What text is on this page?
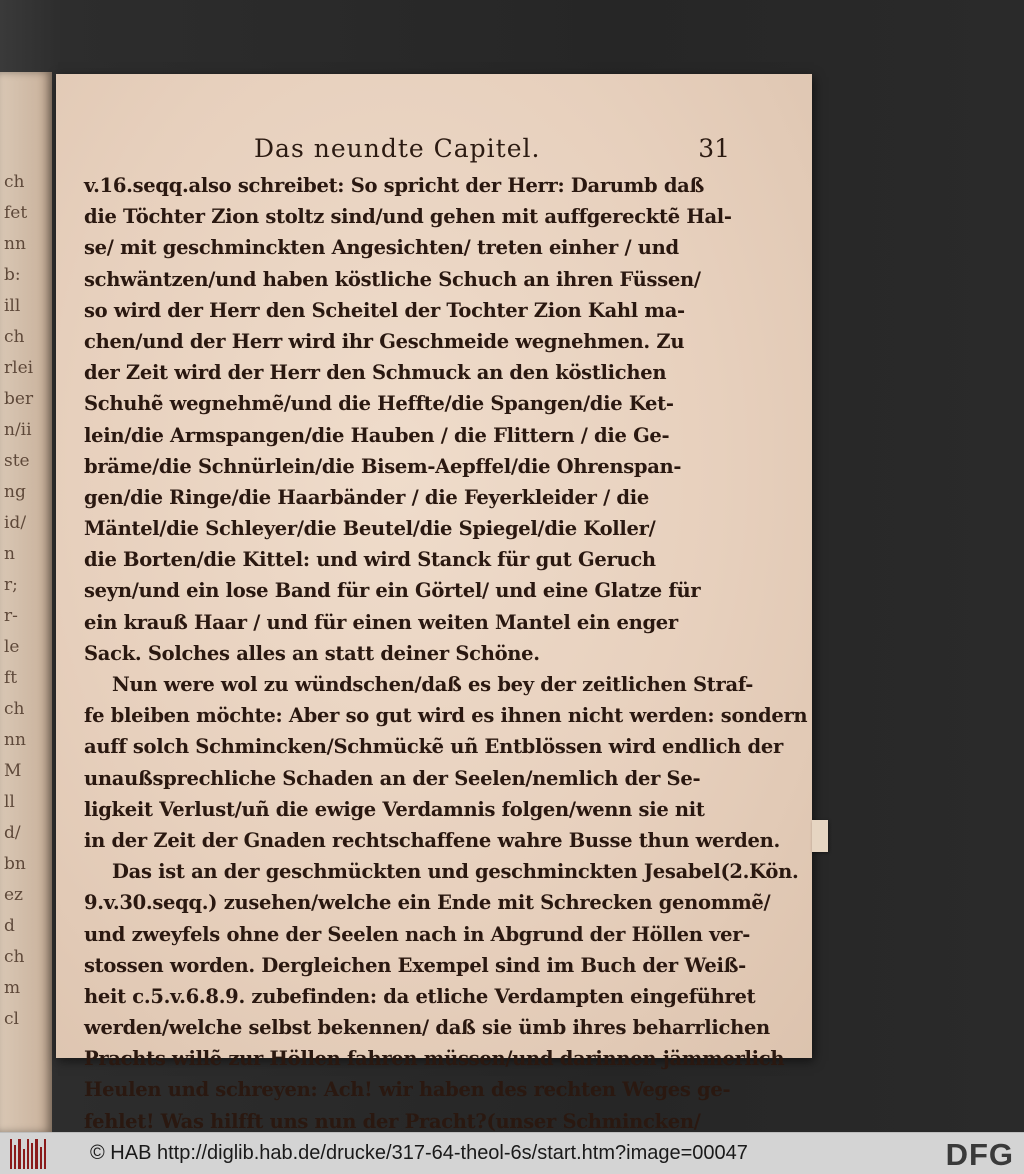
ch
fet
nn
b:
ill
ch
rlei
ber
n/ii
ste
ng
id/
n
r;
r-
le
ft
ch
nn
M
ll
d/
bn
ez
d
ch
m
cl
Das neundte Capitel.	31
v.16.seqq.also schreibet: So spricht der Herr: Darumb daß
die Töchter Zion stoltz sind/und gehen mit auffgerecktẽ Hal-
se/ mit geschminckten Angesichten/ treten einher / und
schwäntzen/und haben köstliche Schuch an ihren Füssen/
so wird der Herr den Scheitel der Tochter Zion Kahl ma-
chen/und der Herr wird ihr Geschmeide wegnehmen. Zu
der Zeit wird der Herr den Schmuck an den köstlichen
Schuhẽ wegnehmẽ/und die Hefftе/die Spangen/die Ket-
lein/die Armspangen/die Hauben / die Flittern / die Ge-
bräme/die Schnürlein/die Bisem-Aepffel/die Ohrenspan-
gen/die Ringe/die Haarbänder / die Feyerkleider / die
Mäntel/die Schleyer/die Beutel/die Spiegel/die Koller/
die Borten/die Kittel: und wird Stanck für gut Geruch
seyn/und ein lose Band für ein Görtel/ und eine Glatze für
ein krauß Haar / und für einen weiten Mantel ein enger
Sack. Solches alles an statt deiner Schöne.
Nun were wol zu wündschen/daß es bey der zeitlichen Straf-
fe bleiben möchte: Aber so gut wird es ihnen nicht werden: sondern
auff solch Schmincken/Schmückẽ uñ Entblössen wird endlich der
unaußsprechliche Schaden an der Seelen/nemlich der Se-
ligkeit Verlust/uñ die ewige Verdamnis folgen/wenn sie nit
in der Zeit der Gnaden rechtschaffene wahre Busse thun werden.
Das ist an der geschmückten und geschminckten Jesabel(2.Kön.
9.v.30.seqq.) zusehen/welche ein Ende mit Schrecken genommẽ/
und zweyfels ohne der Seelen nach in Abgrund der Höllen ver-
stossen worden. Dergleichen Exempel sind im Buch der Weiß-
heit c.5.v.6.8.9. zubefinden: da etliche Verdampten eingeführet
werden/welche selbst bekennen/ daß sie ümb ihres beharrlichen
Prachts willẽ zur Höllen fahren müssen/und darinnen jämmerlich
Heulen und schreyen: Ach! wir haben des rechten Weges ge-
fehlet! Was hilfft uns nun der Pracht?(unser Schmincken/
© HAB http://diglib.hab.de/drucke/317-64-theol-6s/start.htm?image=00047	DFG
